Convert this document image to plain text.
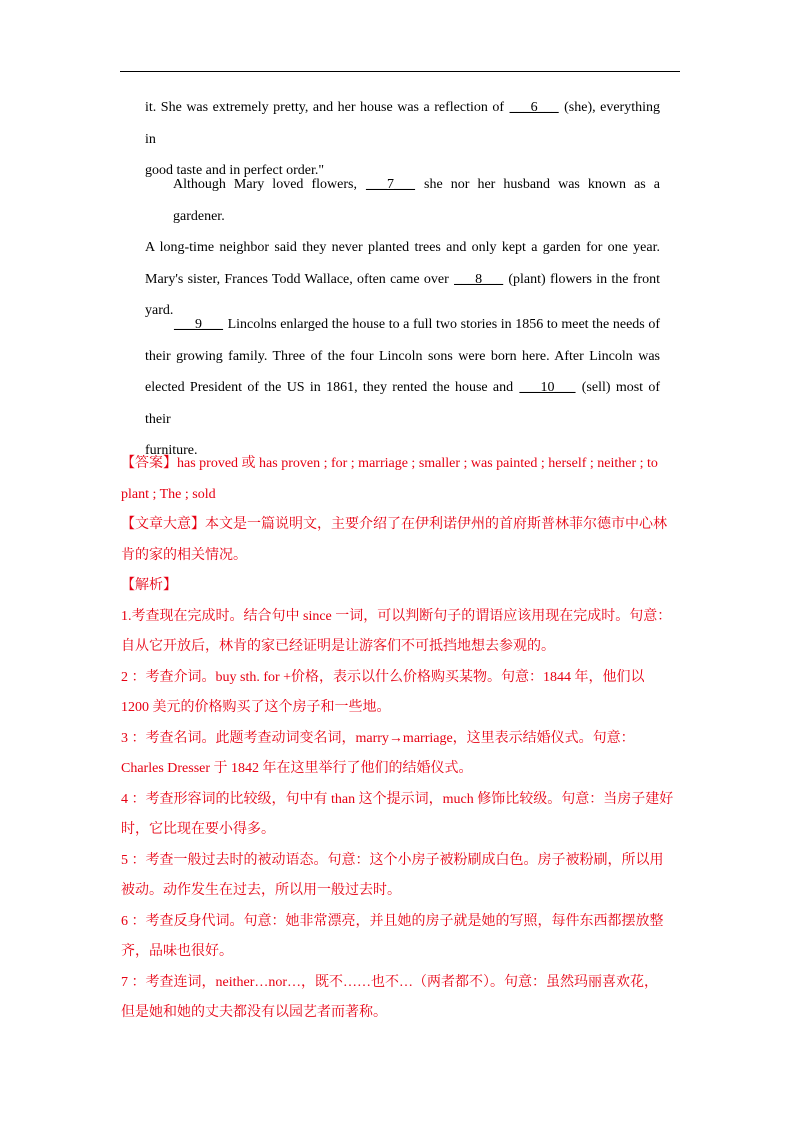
it. She was extremely pretty, and her house was a reflection of ___6___ (she), everything in

good taste and in perfect order."

Although Mary loved flowers, ___7___ she nor her husband was known as a gardener.

A long-time neighbor said they never planted trees and only kept a garden for one year.

Mary's sister, Frances Todd Wallace, often came over ___8___ (plant) flowers in the front

yard.

___9___ Lincolns enlarged the house to a full two stories in 1856 to meet the needs of

their growing family. Three of the four Lincoln sons were born here. After Lincoln was

elected President of the US in 1861, they rented the house and ___10___ (sell) most of their

furniture.

【答案】has proved 或 has proven ; for ; marriage ; smaller ; was painted ; herself ; neither ; to

plant ; The ; sold

【文章大意】本文是一篇说明文，主要介绍了在伊利诺伊州的首府斯普林菲尔德市中心林

肯的家的相关情况。

【解析】

1.考查现在完成时。结合句中 since 一词，可以判断句子的谓语应该用现在完成时。句意：

自从它开放后，林肯的家已经证明是让游客们不可抵挡地想去参观的。

2 ：考查介词。buy sth. for +价格，表示以什么价格购买某物。句意：1844 年，他们以

1200 美元的价格购买了这个房子和一些地。

3 ：考查名词。此题考查动词变名词，marry→marriage，这里表示结婚仪式。句意：

Charles Dresser 于 1842 年在这里举行了他们的结婚仪式。

4 ：考查形容词的比较级，句中有 than 这个提示词，much 修饰比较级。句意：当房子建好

时，它比现在要小得多。

5 ：考查一般过去时的被动语态。句意：这个小房子被粉刷成白色。房子被粉刷，所以用

被动。动作发生在过去，所以用一般过去时。

6 ：考查反身代词。句意：她非常漂亮，并且她的房子就是她的写照，每件东西都摆放整

齐，品味也很好。

7 ：考查连词，neither…nor…，既不……也不…（两者都不）。句意：虽然玛丽喜欢花，

但是她和她的丈夫都没有以园艺者而著称。
